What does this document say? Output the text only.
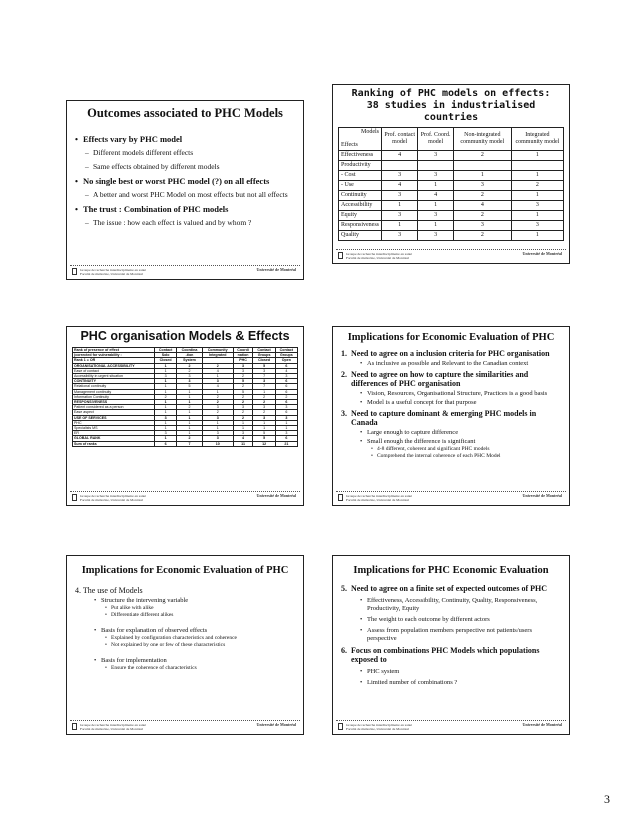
Outcomes associated to PHC Models
• Effects vary by PHC model
– Different models different effects
– Same effects obtained by different models
• No single best or worst PHC model (?) on all effects
– A better and worst PHC Model on most effects but not all effects
• The trust : Combination of PHC models
– The issue : how each effect is valued and by whom ?
Groupe de recherche interdisciplinaire en santé
Faculté de médecine, Université de Montréal
Université de Montréal
Ranking of PHC models on effects:
38 studies in industrialised countries
Models
Effects	Prof. contact model	Prof. Coord. model	Non-integrated community model	Integrated community model
Effectiveness	4	3	2	1
Productivity				
- Cost	3	3	1	1
- Use	4	1	3	2
Continuity	3	4	2	1
Accessibility	1	1	4	3
Equity	3	3	2	1
Responsiveness	1	1	3	3
Quality	3	3	2	1
Groupe de recherche interdisciplinaire en santé
Faculté de médecine, Université de Montréal
Université de Montréal
PHC organisation Models & Effects
Rank of presence of effect	Contact	Coordina	Community	Coordi	Contact	Contact
(corrected for vulnerability :	Solo	-tion	Integrated	nation	Groups	Groups
Rank 1 = OR	Closed	System		PHC	Closed	Open
ORGANISATIONAL ACCESSIBILITY	1	2	2	3	5	6
Ease of contact	1	2	4	3	3	4
Accessibility in urgent situation	3	3	1	2	7	3
CONTINUITY	1	3	3	5	3	6
Relational continuity	1	5	4	2	7	6
Management continuity	1	1	1	5	1	6
Information Continuity	2	1	2	2	2	2
RESPONSIVENESS	1	1	2	2	2	6
Patient considered as a person	1	2	3	3	3	3
Ease aspect	1	1	2	2	2	6
USE OF SERVICES	3	1	3	2	3	3
PHC	1	1	1	1	1	1
Specialists MS	1	1	1	1	1	1
ER	3	1	3	3	5	3
GLOBAL RANK	1	2	3	4	5	6
Sum of ranks	6	7	10	11	12	21
Groupe de recherche interdisciplinaire en santé
Faculté de médecine, Université de Montréal
Université de Montréal
Implications for Economic Evaluation of PHC
1. Need to agree on a inclusion criteria for PHC organisation
• As inclusive as possible and Relevant to the Canadian context
2. Need to agree on how to capture the similarities and differences of PHC organisation
• Vision, Resources, Organisational Structure, Practices is a good basis
• Model is a useful concept for that purpose
3. Need to capture dominant & emerging PHC models in Canada
• Large enough to capture difference
• Small enough the difference is significant
• 4-8 different, coherent and significant PHC models
• Comprehend the internal coherence of each PHC Model
Groupe de recherche interdisciplinaire en santé
Faculté de médecine, Université de Montréal
Université de Montréal
Implications for Economic Evaluation of PHC
4. The use of Models
• Structure the intervening variable
• Put alike with alike
• Differentiate different alikes
• Basis for explanation of observed effects
• Explained by configuration characteristics and coherence
• Not explained by one or few of these characteristics
• Basis for implementation
• Ensure the coherence of characteristics
Groupe de recherche interdisciplinaire en santé
Faculté de médecine, Université de Montréal
Université de Montréal
Implications for PHC Economic Evaluation
5. Need to agree on a finite set of expected outcomes of PHC
• Effectiveness, Accessibility, Continuity, Quality, Responsiveness, Productivity, Equity
• The weight to each outcome by different actors
• Assess from population members perspective not patients/users perspective
6. Focus on combinations PHC Models which populations exposed to
• PHC system
• Limited number of combinations ?
Groupe de recherche interdisciplinaire en santé
Faculté de médecine, Université de Montréal
Université de Montréal
3
